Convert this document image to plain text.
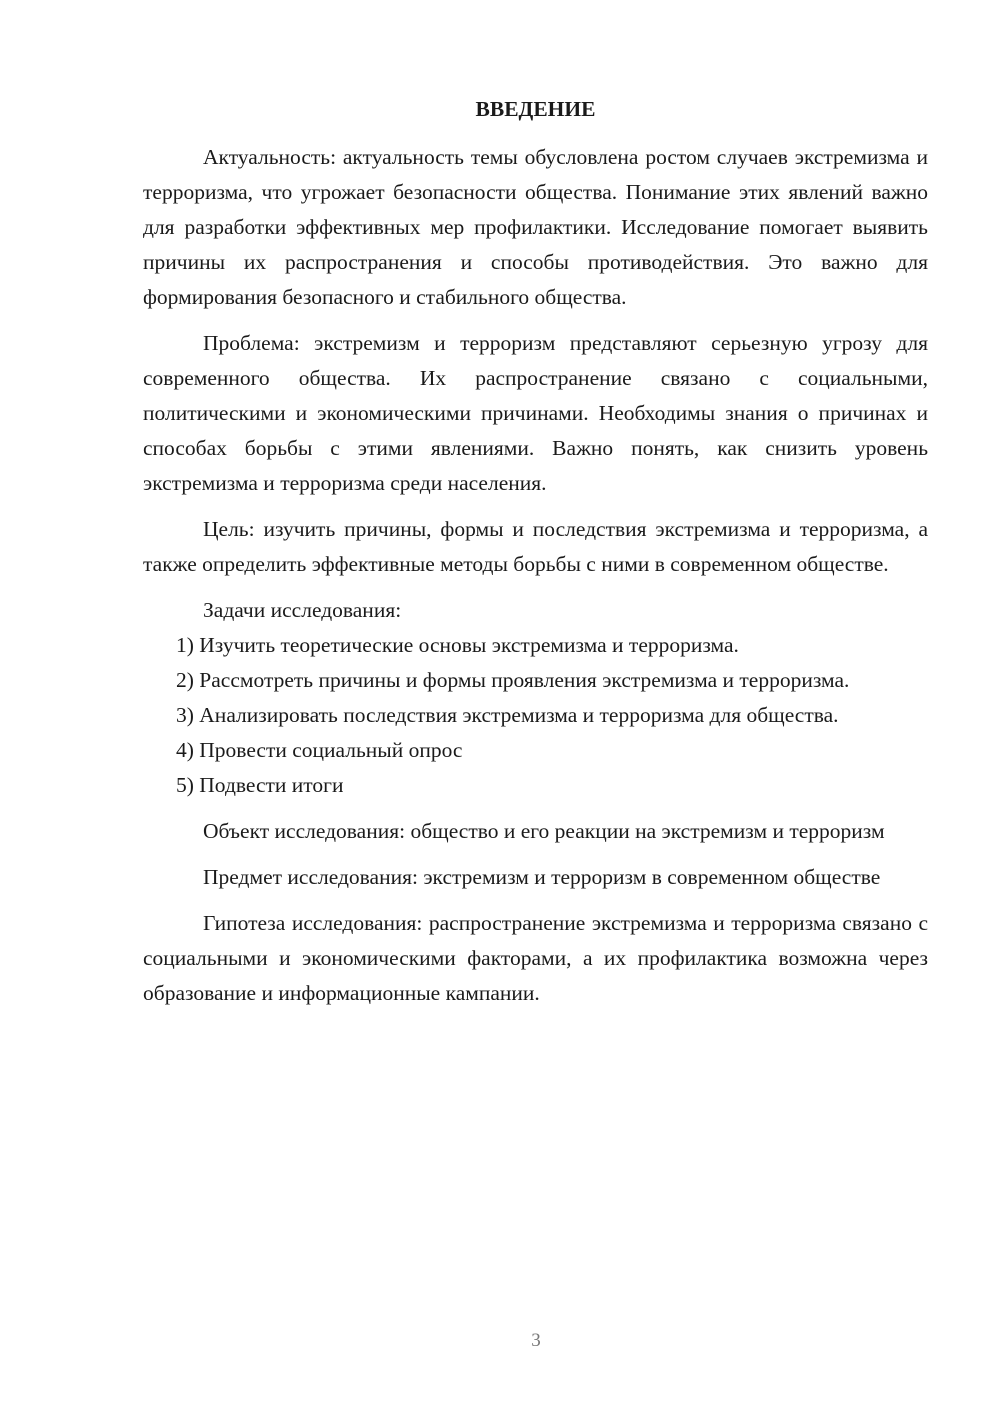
ВВЕДЕНИЕ

Актуальность: актуальность темы обусловлена ростом случаев экстремизма и терроризма, что угрожает безопасности общества. Понимание этих явлений важно для разработки эффективных мер профилактики. Исследование помогает выявить причины их распространения и способы противодействия. Это важно для формирования безопасного и стабильного общества.

Проблема: экстремизм и терроризм представляют серьезную угрозу для современного общества. Их распространение связано с социальными, политическими и экономическими причинами. Необходимы знания о причинах и способах борьбы с этими явлениями. Важно понять, как снизить уровень экстремизма и терроризма среди населения.

Цель: изучить причины, формы и последствия экстремизма и терроризма, а также определить эффективные методы борьбы с ними в современном обществе.

Задачи исследования:

1) Изучить теоретические основы экстремизма и терроризма.

2) Рассмотреть причины и формы проявления экстремизма и терроризма.

3) Анализировать последствия экстремизма и терроризма для общества.

4) Провести социальный опрос

5) Подвести итоги

Объект исследования: общество и его реакции на экстремизм и терроризм

Предмет исследования: экстремизм и терроризм в современном обществе

Гипотеза исследования: распространение экстремизма и терроризма связано с социальными и экономическими факторами, а их профилактика возможна через образование и информационные кампании.

3
